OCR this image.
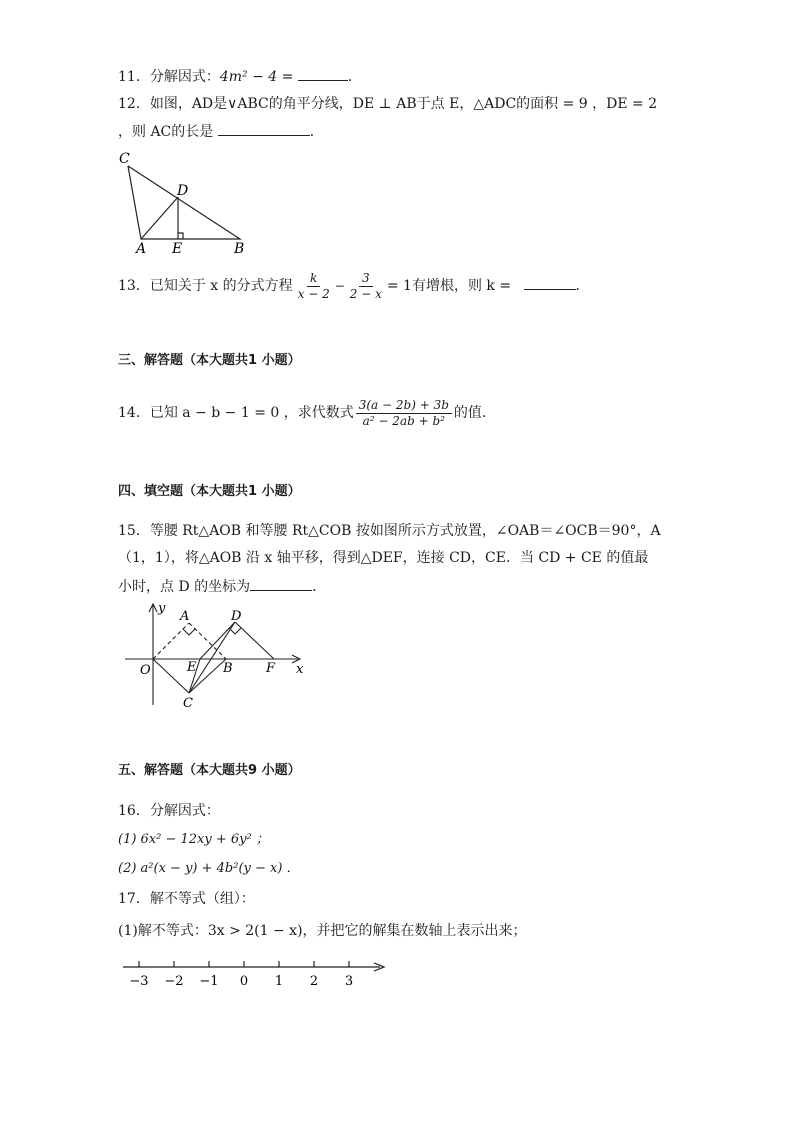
11．分解因式：4m² − 4 =	．
12．如图，AD是∨ABC的角平分线，DE ⊥ AB于点 E，△ADC的面积 = 9 ，DE = 2
，则 AC的长是	．
C
D
A E	B
13．已知关于 x 的分式方程 $\frac{k}{x - 2} - \frac{3}{2 - x} = 1$有增根，则 k =	．
三、解答题（本大题共1 小题）
14．已知 a − b − 1 = 0 ，求代数式 $\frac{3(a - 2b) + 3b}{\text{a² − 2ab + b²}}$ 的值.
四、填空题（本大题共1 小题）
15．等腰 Rt△AOB 和等腰 Rt△COB 按如图所示方式放置，∠OAB＝∠OCB＝90°，A
（1，1），将△AOB 沿 x 轴平移，得到△DEF，连接 CD，CE．当 CD + CE 的值最
小时，点 D 的坐标为	．
y
x
O
A	D
E B	F
C
五、解答题（本大题共9 小题）
16．分解因式：
(1) 6x² − 12xy + 6y² ；
(2) a²(x − y) + 4b²(y − x) ．
17．解不等式（组）：
(1)解不等式：3x > 2(1 − x)，并把它的解集在数轴上表示出来；
−3 −2 −1 0 1 2 3
